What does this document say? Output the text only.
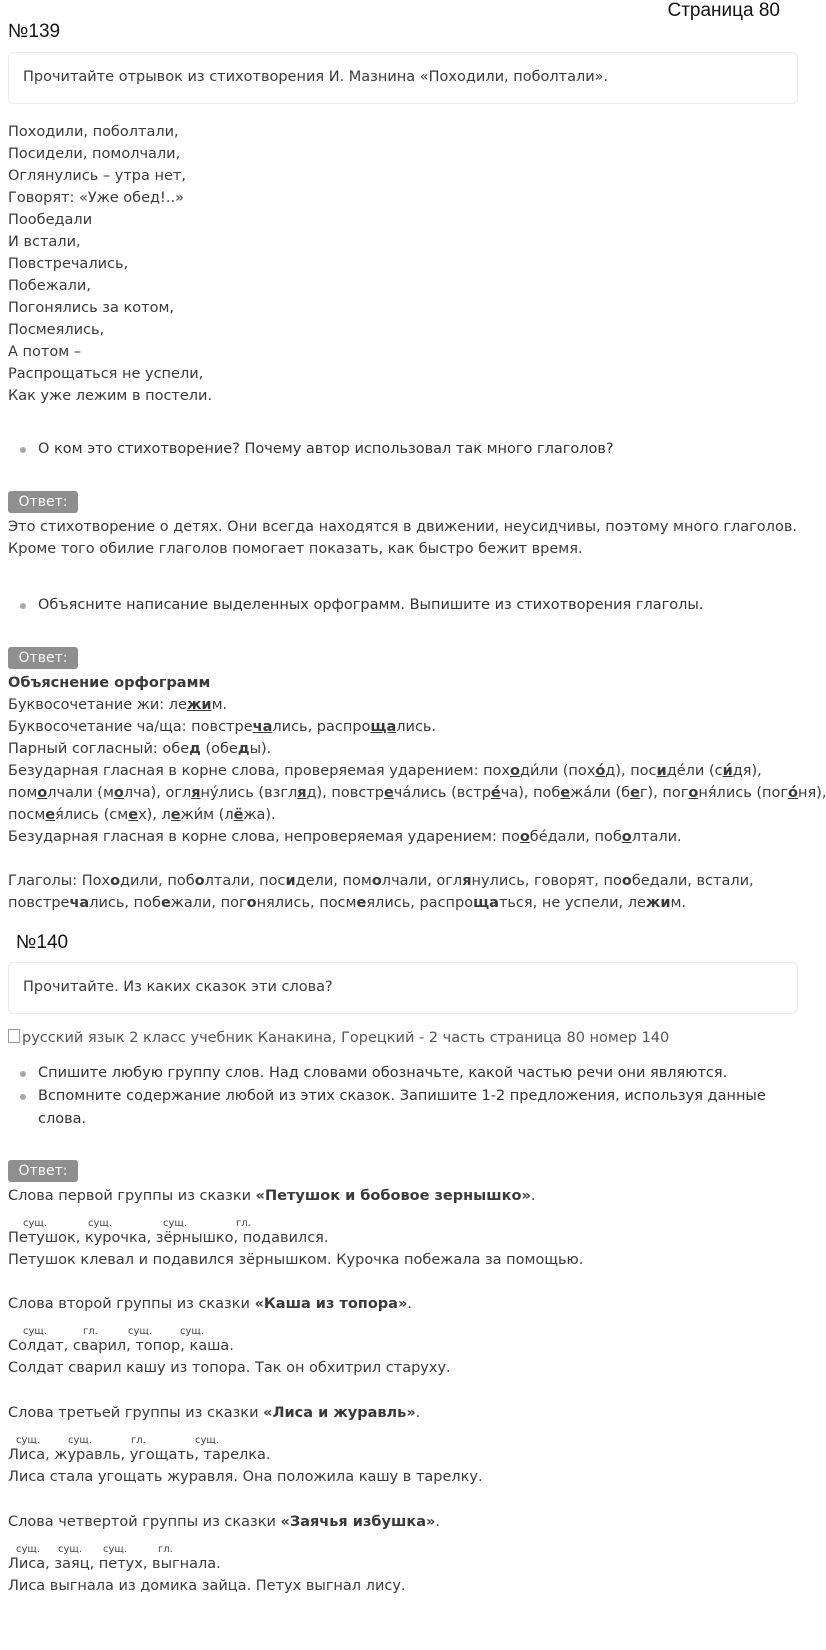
Страница 80
№139
Прочитайте отрывок из стихотворения И. Мазнина «Походили, поболтали».
Походили, поболтали,
Посидели, помолчали,
Оглянулись – утра нет,
Говорят: «Уже обед!..»
Пообедали
И встали,
Повстречались,
Побежали,
Погонялись за котом,
Посмеялись,
А потом –
Распрощаться не успели,
Как уже лежим в постели.
О ком это стихотворение? Почему автор использовал так много глаголов?
Ответ:
Это стихотворение о детях. Они всегда находятся в движении, неусидчивы, поэтому много глаголов.
Кроме того обилие глаголов помогает показать, как быстро бежит время.
Объясните написание выделенных орфограмм. Выпишите из стихотворения глаголы.
Ответ:
Объяснение орфограмм
Буквосочетание жи: лежим.
Буквосочетание ча/ща: повстречались, распрощались.
Парный согласный: обед (обеды).
Безударная гласная в корне слова, проверяемая ударением: походи́ли (похо́д), посиде́ли (си́дя),
помолчали (молча), огляну́лись (взгляд), повстреча́лись (встре́ча), побежа́ли (бег), погоня́лись (пого́ня),
посмея́лись (смех), лежи́м (лёжа).
Безударная гласная в корне слова, непроверяемая ударением: пообе́дали, поболтали.
Глаголы: Походили, поболтали, посидели, помолчали, оглянулись, говорят, пообедали, встали,
повстречались, побежали, погонялись, посмеялись, распрощаться, не успели, лежим.
№140
Прочитайте. Из каких сказок эти слова?
русский язык 2 класс учебник Канакина, Горецкий - 2 часть страница 80 номер 140
Спишите любую группу слов. Над словами обозначьте, какой частью речи они являются.
Вспомните содержание любой из этих сказок. Запишите 1-2 предложения, используя данные слова.
Ответ:
Слова первой группы из сказки «Петушок и бобовое зернышко».
сущ.	сущ.	сущ.	гл.
Петушок, курочка, зёрнышко, подавился.
Петушок клевал и подавился зёрнышком. Курочка побежала за помощью.
Слова второй группы из сказки «Каша из топора».
сущ.	гл.	сущ.	сущ.
Солдат, сварил, топор, каша.
Солдат сварил кашу из топора. Так он обхитрил старуху.
Слова третьей группы из сказки «Лиса и журавль».
сущ.	сущ.	гл.	сущ.
Лиса, журавль, угощать, тарелка.
Лиса стала угощать журавля. Она положила кашу в тарелку.
Слова четвертой группы из сказки «Заячья избушка».
сущ. сущ. сущ.	гл.
Лиса, заяц, петух, выгнала.
Лиса выгнала из домика зайца. Петух выгнал лису.
